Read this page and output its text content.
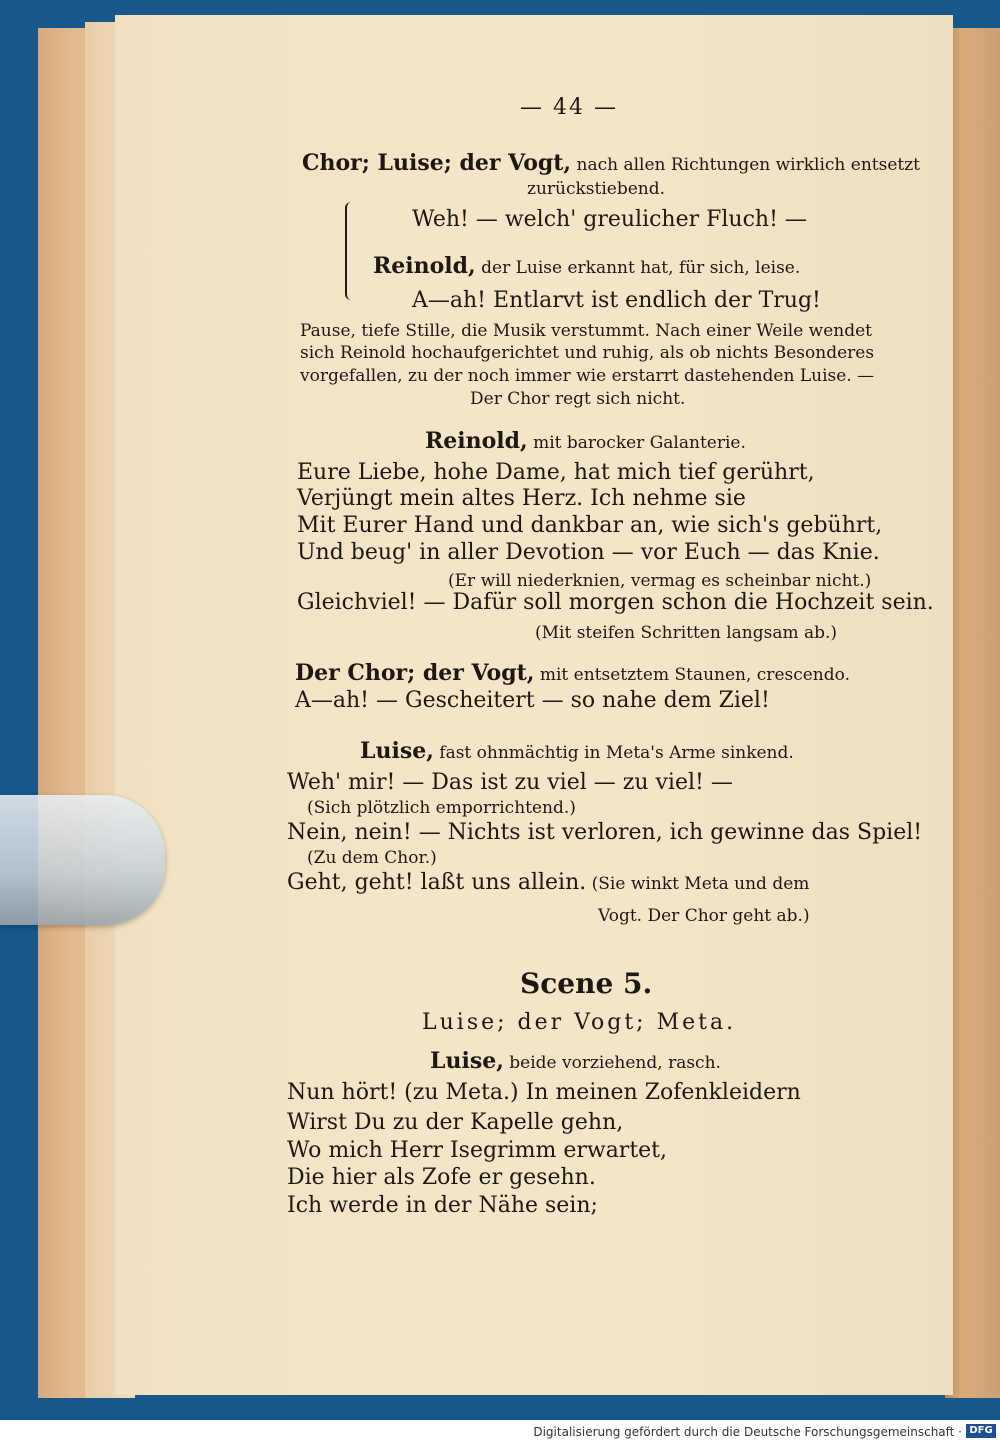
— 44 —
Chor; Luise; der Vogt, nach allen Richtungen wirklich entsetzt
zurückstiebend.
Weh! — welch' greulicher Fluch! —
Reinold, der Luise erkannt hat, für sich, leise.
A—ah! Entlarvt ist endlich der Trug!
Pause, tiefe Stille, die Musik verstummt. Nach einer Weile wendet
sich Reinold hochaufgerichtet und ruhig, als ob nichts Besonderes
vorgefallen, zu der noch immer wie erstarrt dastehenden Luise. —
Der Chor regt sich nicht.
Reinold, mit barocker Galanterie.
Eure Liebe, hohe Dame, hat mich tief gerührt,
Verjüngt mein altes Herz. Ich nehme sie
Mit Eurer Hand und dankbar an, wie sich's gebührt,
Und beug' in aller Devotion — vor Euch — das Knie.
(Er will niederknien, vermag es scheinbar nicht.)
Gleichviel! — Dafür soll morgen schon die Hochzeit sein.
(Mit steifen Schritten langsam ab.)
Der Chor; der Vogt, mit entsetztem Staunen, crescendo.
A—ah! — Gescheitert — so nahe dem Ziel!
Luise, fast ohnmächtig in Meta's Arme sinkend.
Weh' mir! — Das ist zu viel — zu viel! —
(Sich plötzlich emporrichtend.)
Nein, nein! — Nichts ist verloren, ich gewinne das Spiel!
(Zu dem Chor.)
Geht, geht! laßt uns allein. (Sie winkt Meta und dem
Vogt. Der Chor geht ab.)
Scene 5.
Luise; der Vogt; Meta.
Luise, beide vorziehend, rasch.
Nun hört! (zu Meta.) In meinen Zofenkleidern
Wirst Du zu der Kapelle gehn,
Wo mich Herr Isegrimm erwartet,
Die hier als Zofe er gesehn.
Ich werde in der Nähe sein;
Digitalisierung gefördert durch die Deutsche Forschungsgemeinschaft · DFG
